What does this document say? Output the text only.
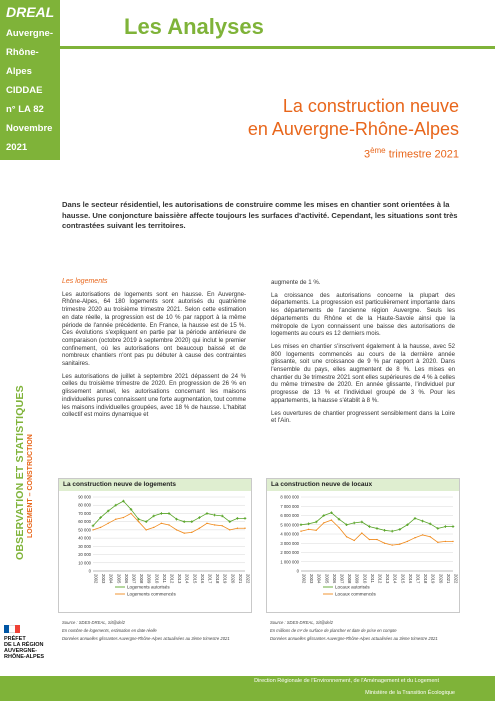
DREAL
Auvergne-
Rhône-Alpes
CIDDAE
n° LA 82
Novembre
2021
Les Analyses
La construction neuve
en Auvergne-Rhône-Alpes
3ème trimestre 2021
Dans le secteur résidentiel, les autorisations de construire comme les mises en chantier sont orientées à la hausse. Une conjoncture baissière affecte toujours les surfaces d'activité. Cependant, les situations sont très contrastées suivant les territoires.
OBSERVATION ET STATISTIQUES LOGEMENT – CONSTRUCTION
Les logements

Les autorisations de logements sont en hausse. En Auvergne-Rhône-Alpes, 64 180 logements sont autorisés du quatrième trimestre 2020 au troisième trimestre 2021. Selon cette estimation en date réelle, la progression est de 10 % par rapport à la même période de l'année précédente. En France, la hausse est de 15 %. Ces évolutions s'expliquent en partie par la période antérieure de comparaison (octobre 2019 à septembre 2020) qui inclut le premier confinement, où les autorisations ont beaucoup baissé et de nombreux chantiers n'ont pas pu débuter à cause des contraintes sanitaires.

Les autorisations de juillet à septembre 2021 dépassent de 24 % celles du troisième trimestre de 2020. En progression de 26 % en glissement annuel, les autorisations concernant les maisons individuelles pures connaissent une forte augmentation, tout comme les maisons individuelles groupées, avec 18 % de hausse. L'habitat collectif est moins dynamique et

augmente de 1 %.

La croissance des autorisations concerne la plupart des départements. La progression est particulièrement importante dans les départements de l'ancienne région Auvergne. Seuls les départements du Rhône et de la Haute-Savoie ainsi que la métropole de Lyon connaissent une baisse des autorisations de logements au cours es 12 derniers mois.

Les mises en chantier s'inscrivent également à la hausse, avec 52 800 logements commencés au cours de la dernière année glissante, soit une croissance de 9 % par rapport à 2020. Dans l'ensemble du pays, elles augmentent de 8 %. Les mises en chantier du 3e trimestre 2021 sont elles supérieures de 4 % à celles du même trimestre de 2020. En année glissante, l'individuel pur progresse de 13 % et l'individuel groupé de 3 %. Pour les appartements, la hausse s'établit à 8 %.

Les ouvertures de chantier progressent sensiblement dans la Loire et l'Ain.

La construction neuve de logements
0
10 000
20 000
30 000
40 000
50 000
60 000
70 000
80 000
90 000
2002 2003 2004 2005 2006 2007 2008 2009 2010 2011 2012 2013 2014 2015 2016 2017 2018 2019 2020 2021 2022
Logements autorisés
Logements commencés
La construction neuve de locaux
0
1 000 000
2 000 000
3 000 000
4 000 000
5 000 000
6 000 000
7 000 000
8 000 000
2002 2003 2004 2005 2006 2007 2008 2009 2010 2011 2012 2013 2014 2015 2016 2017 2018 2019 2020 2021 2022
Locaux autorisés
Locaux commencés
Source : SDES-DREAL, Sit@del2
En nombre de logements, estimation en date réelle
Données annuelles glissantes Auvergne-Rhône-Alpes actualisées au 3ème trimestre 2021
Source : SDES-DREAL, Sit@del2
En millions de m² de surface de plancher et date de prise en compte
Données annuelles glissantes Auvergne-Rhône-Alpes actualisées au 3ème trimestre 2021
PRÉFET
DE LA RÉGION
AUVERGNE-
RHÔNE-ALPES
Direction Régionale de l'Environnement, de l'Aménagement et du Logement
Ministère de la Transition Écologique
